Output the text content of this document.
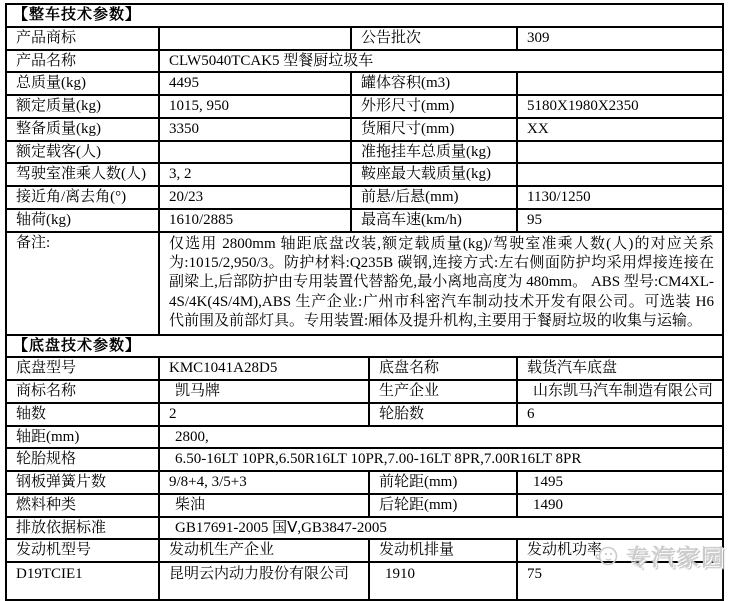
【整车技术参数】			
产品商标		公告批次	309
产品名称	CLW5040TCAK5 型餐厨垃圾车		
总质量(kg)	4495	罐体容积(m3)	
额定质量(kg)	1015, 950	外形尺寸(mm)	5180X1980X2350
整备质量(kg)	3350	货厢尺寸(mm)	XX
额定载客(人)		准拖挂车总质量(kg)	
驾驶室准乘人数(人)	3, 2	鞍座最大载质量(kg)	
接近角/离去角(°)	20/23	前悬/后悬(mm)	1130/1250
轴荷(kg)	1610/2885	最高车速(km/h)	95
备注:	仅选用 2800mm 轴距底盘改装,额定载质量(kg)/驾驶室准乘人数(人)的对应关系为:1015/2,950/3。防护材料:Q235B 碳钢,连接方式:左右侧面防护均采用焊接连接在副梁上,后部防护由专用装置代替豁免,最小离地高度为 480mm。 ABS 型号:CM4XL-4S/4K(4S/4M),ABS 生产企业:广州市科密汽车制动技术开发有限公司。可选装 H6 代前围及前部灯具。专用装置:厢体及提升机构,主要用于餐厨垃圾的收集与运输。		
【底盘技术参数】			
底盘型号	KMC1041A28D5	底盘名称	载货汽车底盘
商标名称	凯马牌	生产企业	山东凯马汽车制造有限公司
轴数	2	轮胎数	6
轴距(mm)	2800,		
轮胎规格	6.50-16LT 10PR,6.50R16LT 10PR,7.00-16LT 8PR,7.00R16LT 8PR		
钢板弹簧片数	9/8+4, 3/5+3	前轮距(mm)	1495
燃料种类	柴油	后轮距(mm)	1490
排放依据标准	GB17691-2005 国Ⅴ,GB3847-2005		
发动机型号	发动机生产企业	发动机排量	发动机功率
D19TCIE1	昆明云内动力股份有限公司	1910	75
专汽家园
